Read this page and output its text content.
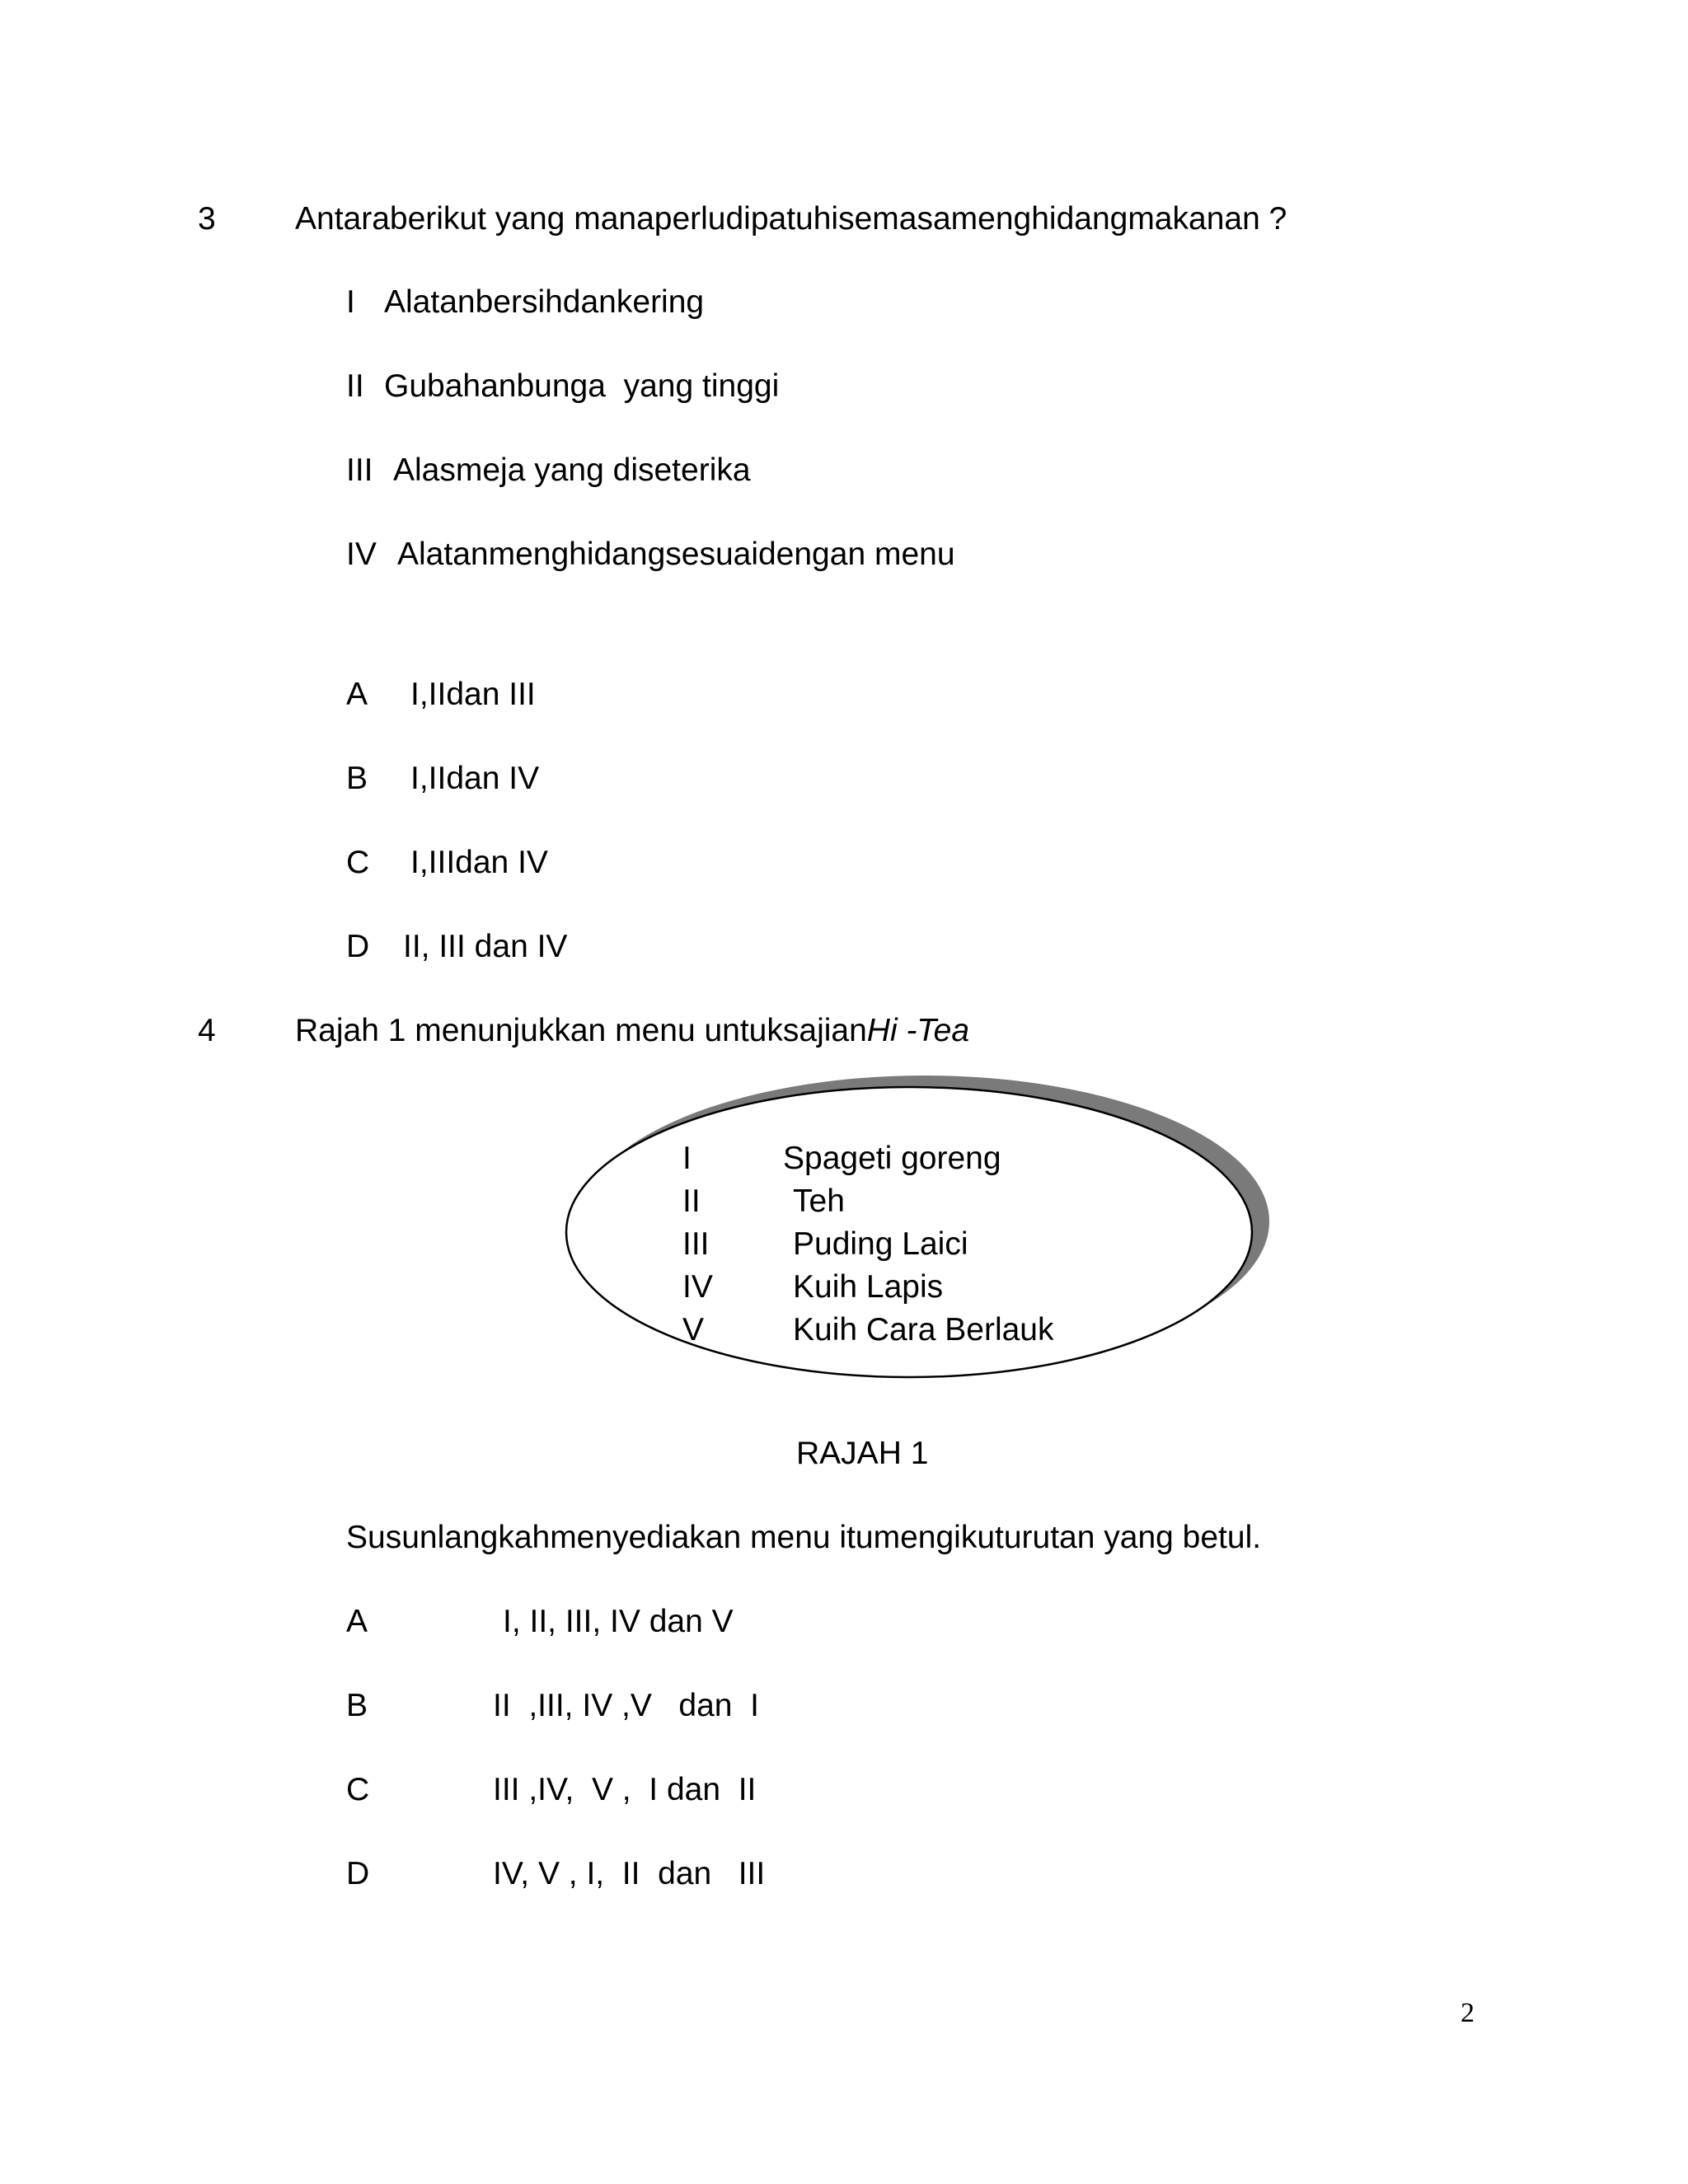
3 Antaraberikut yang manaperludipatuhisemasamenghidangmakanan ?
I Alatanbersihdankering
II Gubahanbunga  yang tinggi
III Alasmeja yang diseterika
IV Alatanmenghidangsesuaidengan menu
A I,IIdan III
B I,IIdan IV
C I,IIIdan IV
D II, III dan IV
4 Rajah 1 menunjukkan menu untuksajianHi -Tea
I	Spageti goreng
II	Teh
III	Puding Laici
IV Kuih Lapis
V	Kuih Cara Berlauk
RAJAH 1
Susunlangkahmenyediakan menu itumengikuturutan yang betul.
A	I, II, III, IV dan V
B	II  ,III, IV ,V   dan  I
C	III ,IV,  V ,  I dan  II
D	IV, V , I,  II  dan   III
2
